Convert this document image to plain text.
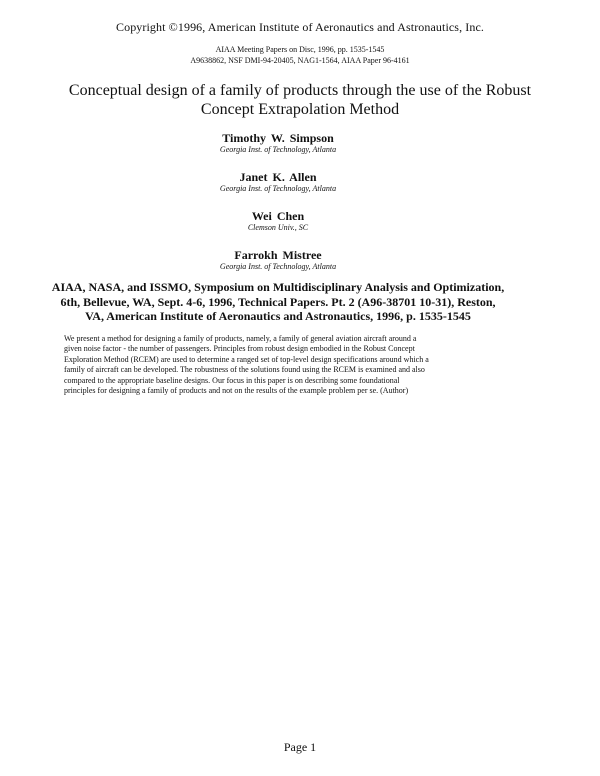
Copyright ©1996, American Institute of Aeronautics and Astronautics, Inc.
AIAA Meeting Papers on Disc, 1996, pp. 1535-1545
A9638862, NSF DMI-94-20405, NAG1-1564, AIAA Paper 96-4161
Conceptual design of a family of products through the use of the Robust
Concept Extrapolation Method
Timothy W. Simpson
Georgia Inst. of Technology, Atlanta
Janet K. Allen
Georgia Inst. of Technology, Atlanta
Wei Chen
Clemson Univ., SC
Farrokh Mistree
Georgia Inst. of Technology, Atlanta
AIAA, NASA, and ISSMO, Symposium on Multidisciplinary Analysis and Optimization,
6th, Bellevue, WA, Sept. 4-6, 1996, Technical Papers. Pt. 2 (A96-38701 10-31), Reston,
VA, American Institute of Aeronautics and Astronautics, 1996, p. 1535-1545
We present a method for designing a family of products, namely, a family of general aviation aircraft around a
given noise factor - the number of passengers. Principles from robust design embodied in the Robust Concept
Exploration Method (RCEM) are used to determine a ranged set of top-level design specifications around which a
family of aircraft can be developed. The robustness of the solutions found using the RCEM is examined and also
compared to the appropriate baseline designs. Our focus in this paper is on describing some foundational
principles for designing a family of products and not on the results of the example problem per se. (Author)
Page 1
